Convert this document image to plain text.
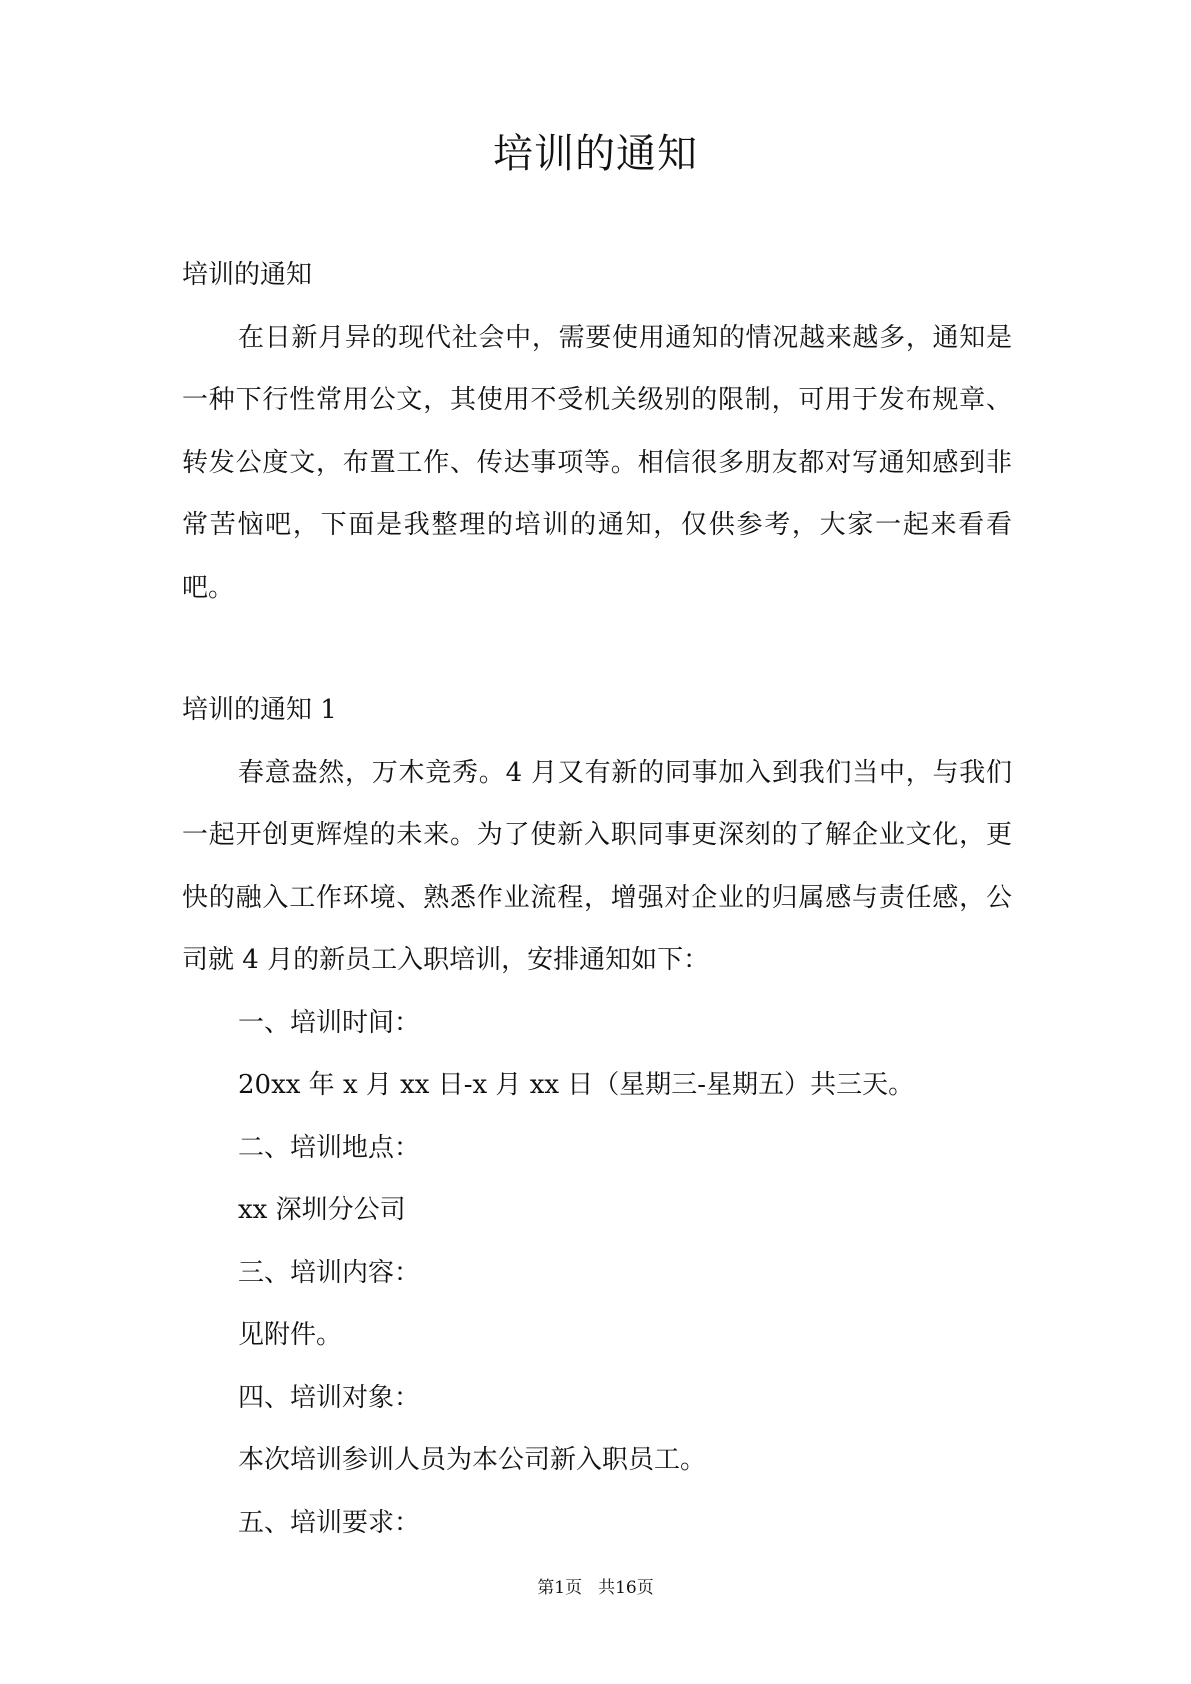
培训的通知

培训的通知

在日新月异的现代社会中，需要使用通知的情况越来越多，通知是一种下行性常用公文，其使用不受机关级别的限制，可用于发布规章、转发公度文，布置工作、传达事项等。相信很多朋友都对写通知感到非常苦恼吧，下面是我整理的培训的通知，仅供参考，大家一起来看看吧。

培训的通知 1

春意盎然，万木竞秀。4 月又有新的同事加入到我们当中，与我们一起开创更辉煌的未来。为了使新入职同事更深刻的了解企业文化，更快的融入工作环境、熟悉作业流程，增强对企业的归属感与责任感，公司就 4 月的新员工入职培训，安排通知如下：

一、培训时间：

20xx 年 x 月 xx 日-x 月 xx 日（星期三-星期五）共三天。

二、培训地点：

xx 深圳分公司

三、培训内容：

见附件。

四、培训对象：

本次培训参训人员为本公司新入职员工。

五、培训要求：

第1页 共16页
